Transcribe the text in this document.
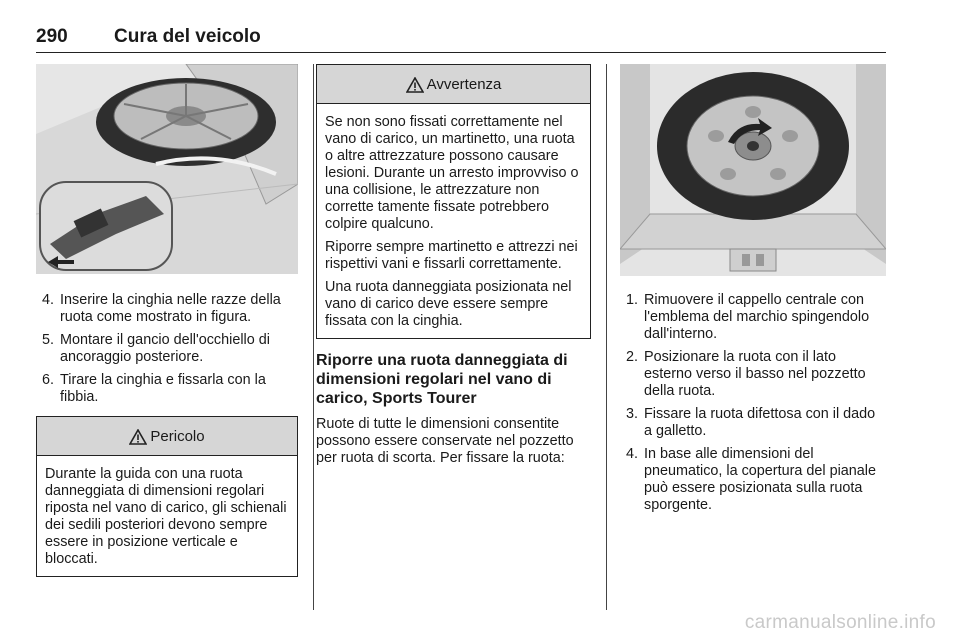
290 Cura del veicolo
4. Inserire la cinghia nelle razze della ruota come mostrato in figura.
5. Montare il gancio dell'occhiello di ancoraggio posteriore.
6. Tirare la cinghia e fissarla con la fibbia.
Pericolo

Durante la guida con una ruota danneggiata di dimensioni regolari riposta nel vano di carico, gli schienali dei sedili posteriori devono sempre essere in posizione verticale e bloccati.

Avvertenza

Se non sono fissati correttamente nel vano di carico, un martinetto, una ruota o altre attrezzature possono causare lesioni. Durante un arresto improvviso o una collisione, le attrezzature non corrette tamente fissate potrebbero colpire qualcuno.

Riporre sempre martinetto e attrezzi nei rispettivi vani e fissarli correttamente.

Una ruota danneggiata posizionata nel vano di carico deve essere sempre fissata con la cinghia.

Riporre una ruota danneggiata di dimensioni regolari nel vano di carico, Sports Tourer

Ruote di tutte le dimensioni consentite possono essere conservate nel pozzetto per ruota di scorta. Per fissare la ruota:

1. Rimuovere il cappello centrale con l'emblema del marchio spingendolo dall'interno.
2. Posizionare la ruota con il lato esterno verso il basso nel pozzetto della ruota.
3. Fissare la ruota difettosa con il dado a galletto.
4. In base alle dimensioni del pneumatico, la copertura del pianale può essere posizionata sulla ruota sporgente.
carmanualsonline.info
